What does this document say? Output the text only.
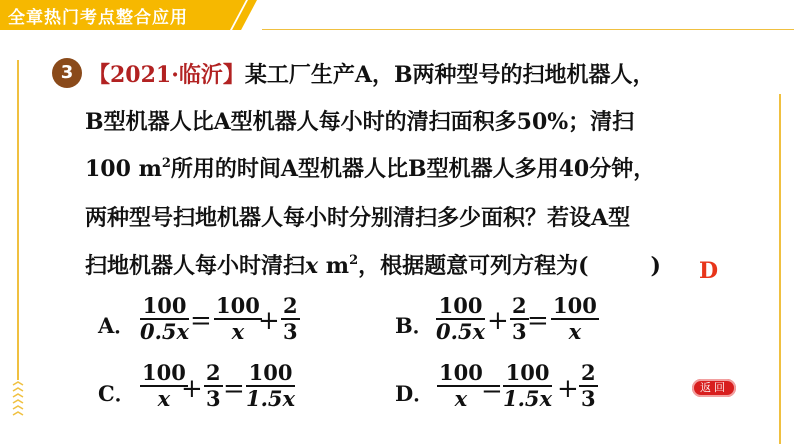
全章热门考点整合应用
3 【2021·临沂】某工厂生产A，B两种型号的扫地机器人，
B型机器人比A型机器人每小时的清扫面积多50%；清扫
100 $m^2$所用的时间A型机器人比B型机器人多用40分钟，
两种型号扫地机器人每小时分别清扫多少面积？若设A型
扫地机器人每小时清扫x $m^2$，根据题意可列方程为(	) D
A． $\frac{100}{0.5x} = \frac{100}{x}$
+ $\frac{2}{3}$	B． $\frac{100}{0.5x} + \frac{2}{3}$
= $\frac{100}{x}$
C． $\frac{100}{x}$
+ $\frac{2}{3} = \frac{100}{1.5x}$	D． $\frac{100}{x}$
= $\frac{100}{1.5x} + \frac{2}{3}$	返回
